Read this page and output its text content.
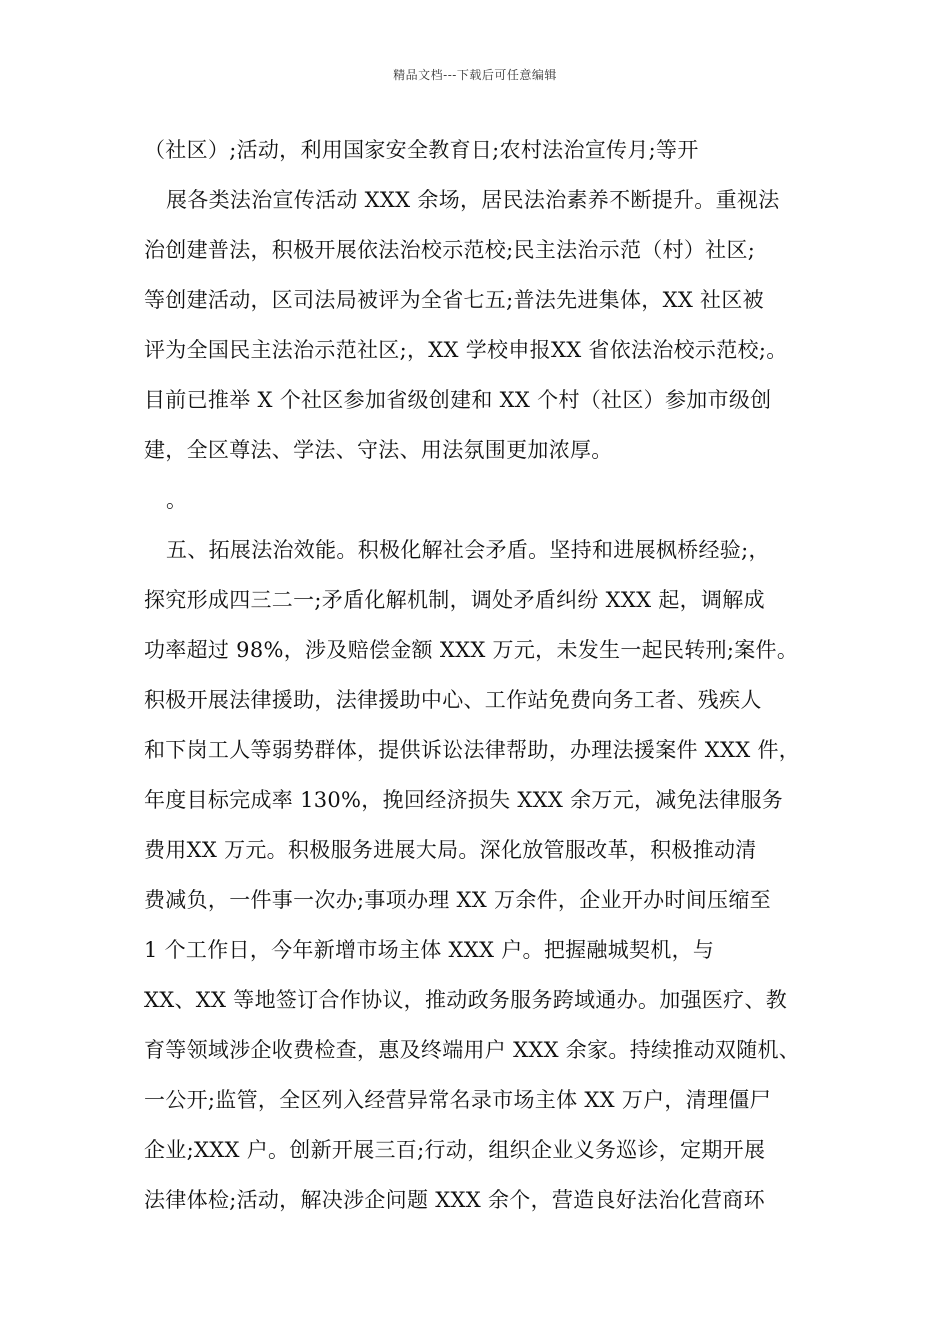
精品文档---下载后可任意编辑
（社区）;活动，利用国家安全教育日;农村法治宣传月;等开
展各类法治宣传活动 XXX 余场，居民法治素养不断提升。重视法
治创建普法，积极开展依法治校示范校;民主法治示范（村）社区;
等创建活动，区司法局被评为全省七五;普法先进集体，XX 社区被
评为全国民主法治示范社区;，XX 学校申报XX 省依法治校示范校;。
目前已推举 X 个社区参加省级创建和 XX 个村（社区）参加市级创
建，全区尊法、学法、守法、用法氛围更加浓厚。
。
五、拓展法治效能。积极化解社会矛盾。坚持和进展枫桥经验;，
探究形成四三二一;矛盾化解机制，调处矛盾纠纷 XXX 起，调解成
功率超过 98%，涉及赔偿金额 XXX 万元，未发生一起民转刑;案件。
积极开展法律援助，法律援助中心、工作站免费向务工者、残疾人
和下岗工人等弱势群体，提供诉讼法律帮助，办理法援案件 XXX 件，
年度目标完成率 130%，挽回经济损失 XXX 余万元，减免法律服务
费用XX 万元。积极服务进展大局。深化放管服改革，积极推动清
费减负，一件事一次办;事项办理 XX 万余件，企业开办时间压缩至
1 个工作日，今年新增市场主体 XXX 户。把握融城契机，与
XX、XX 等地签订合作协议，推动政务服务跨域通办。加强医疗、教
育等领域涉企收费检查，惠及终端用户 XXX 余家。持续推动双随机、
一公开;监管，全区列入经营异常名录市场主体 XX 万户，清理僵尸
企业;XXX 户。创新开展三百;行动，组织企业义务巡诊，定期开展
法律体检;活动，解决涉企问题 XXX 余个，营造良好法治化营商环
